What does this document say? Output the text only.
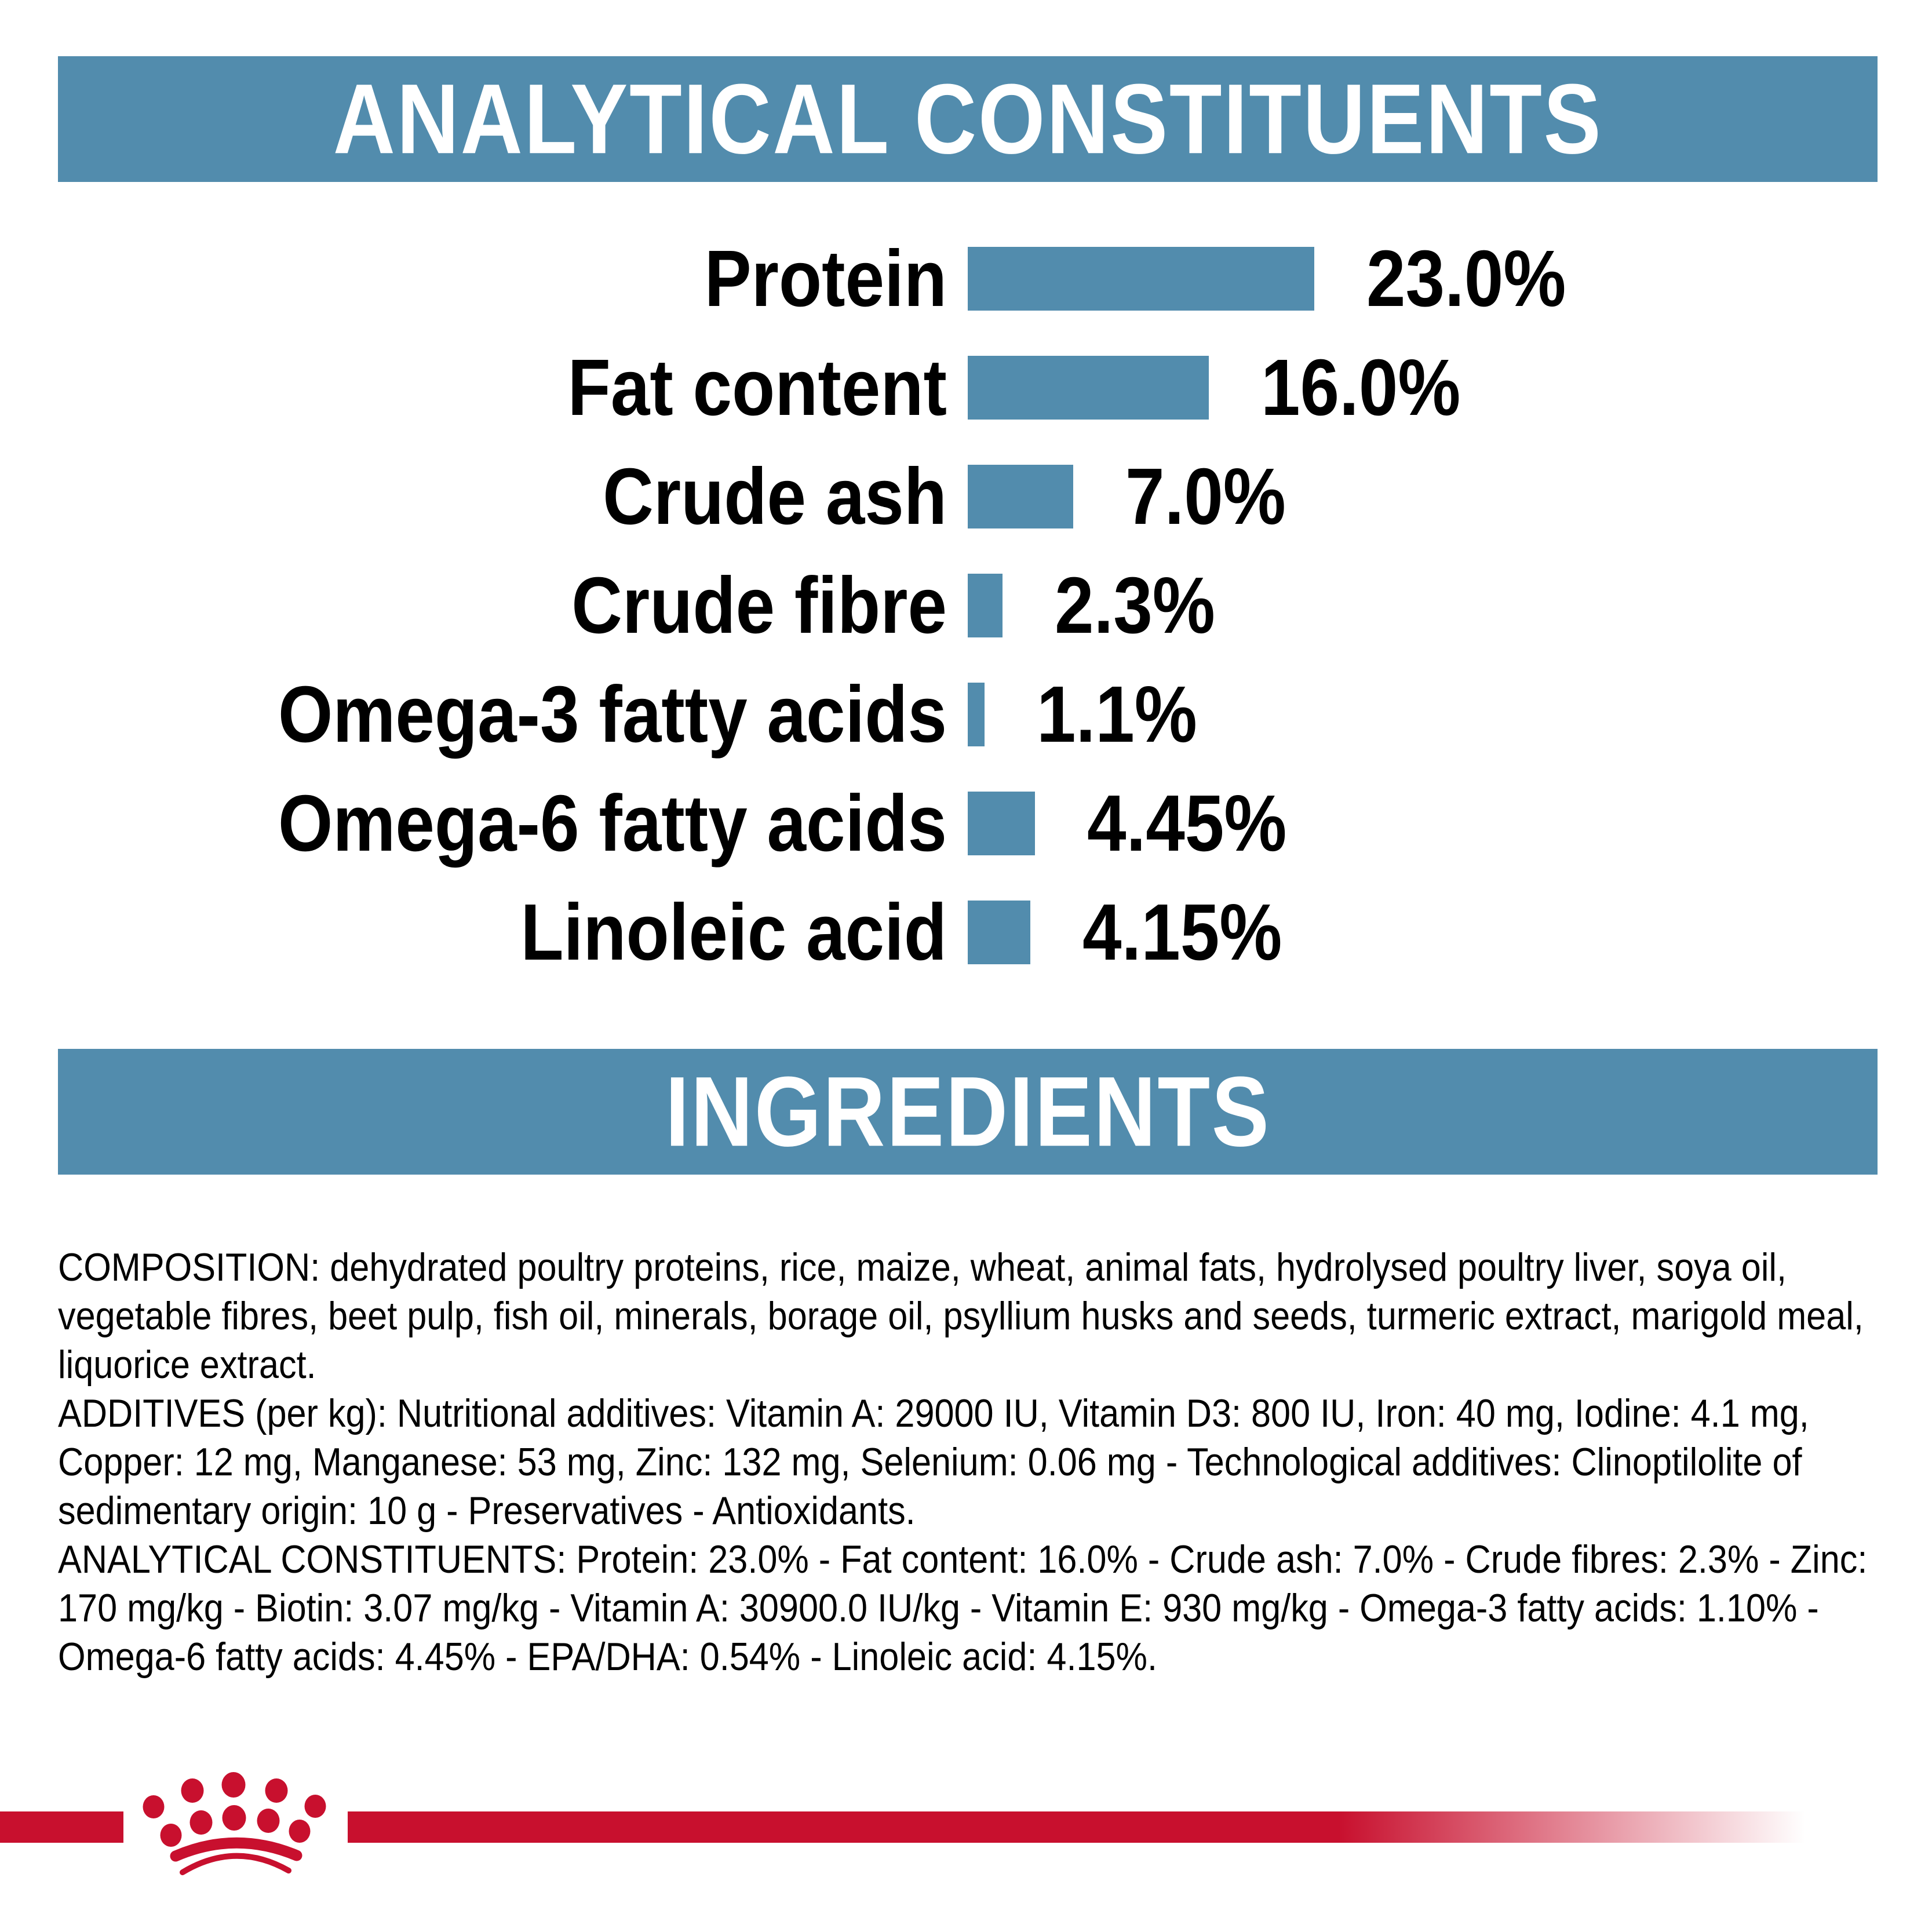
ANALYTICAL CONSTITUENTS
Protein	23.0%
Fat content	16.0%
Crude ash 7.0%
Crude fibre 2.3%
Omega-3 fatty acids 1.1%
Omega-6 fatty acids 4.45%
Linoleic acid 4.15%
INGREDIENTS

COMPOSITION: dehydrated poultry proteins, rice, maize, wheat, animal fats, hydrolysed poultry liver, soya oil, vegetable fibres, beet pulp, fish oil, minerals, borage oil, psyllium husks and seeds, turmeric extract, marigold meal, liquorice extract.

ADDITIVES (per kg): Nutritional additives: Vitamin A: 29000 IU, Vitamin D3: 800 IU, Iron: 40 mg, Iodine: 4.1 mg, Copper: 12 mg, Manganese: 53 mg, Zinc: 132 mg, Selenium: 0.06 mg - Technological additives: Clinoptilolite of sedimentary origin: 10 g - Preservatives - Antioxidants.

ANALYTICAL CONSTITUENTS: Protein: 23.0% - Fat content: 16.0% - Crude ash: 7.0% - Crude fibres: 2.3% - Zinc: 170 mg/kg - Biotin: 3.07 mg/kg - Vitamin A: 30900.0 IU/kg - Vitamin E: 930 mg/kg - Omega-3 fatty acids: 1.10% - Omega-6 fatty acids: 4.45% - EPA/DHA: 0.54% - Linoleic acid: 4.15%.
